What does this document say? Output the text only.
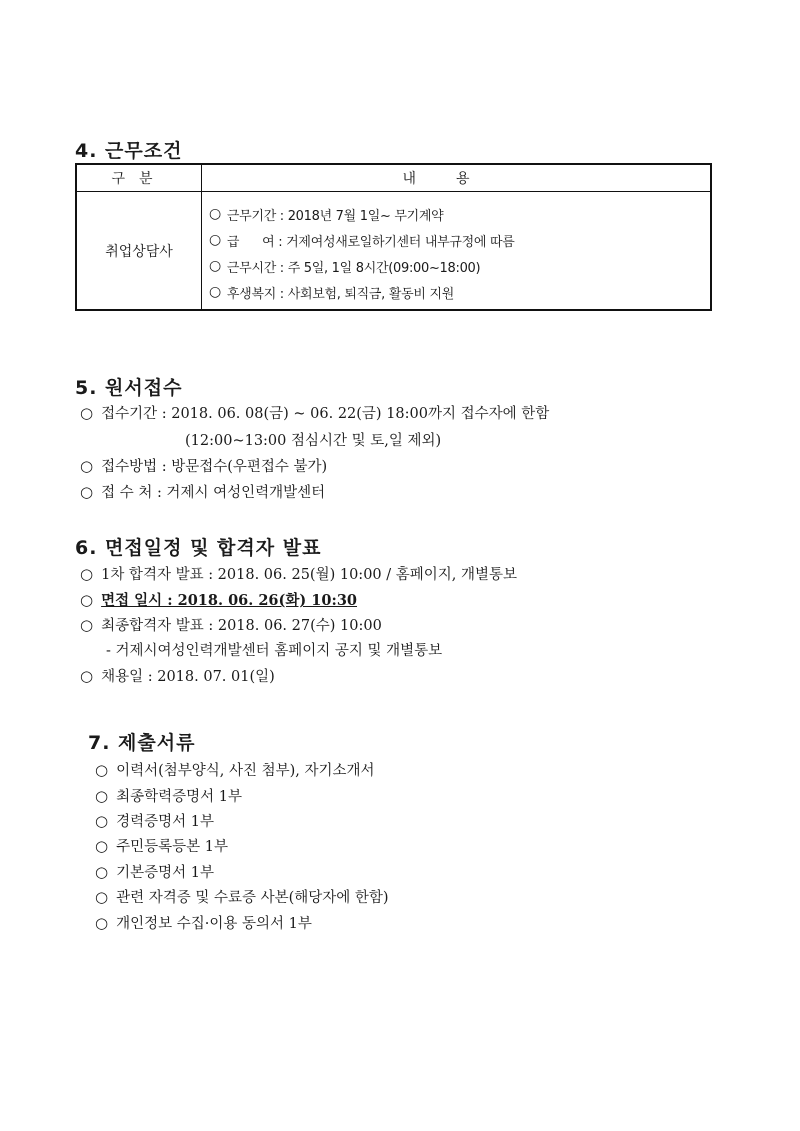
4. 근무조건
구분	내용
취업상담사
○ 근무기간 : 2018년 7월 1일~ 무기계약
○ 급      여 : 거제여성새로일하기센터 내부규정에 따름
○ 근무시간 : 주 5일, 1일 8시간(09:00~18:00)
○ 후생복지 : 사회보험, 퇴직금, 활동비 지원
5. 원서접수
○ 접수기간 : 2018. 06. 08(금) ~ 06. 22(금) 18:00까지 접수자에 한함
(12:00~13:00 점심시간 및 토,일 제외)
○ 접수방법 : 방문접수(우편접수 불가)
○ 접 수 처 : 거제시 여성인력개발센터
6. 면접일정 및 합격자 발표
○ 1차 합격자 발표 : 2018. 06. 25(월) 10:00 / 홈페이지, 개별통보
○ 면접 일시 : 2018. 06. 26(화) 10:30
○ 최종합격자 발표 : 2018. 06. 27(수) 10:00
- 거제시여성인력개발센터 홈페이지 공지 및 개별통보
○ 채용일 : 2018. 07. 01(일)
7. 제출서류
○ 이력서(첨부양식, 사진 첨부), 자기소개서
○ 최종학력증명서 1부
○ 경력증명서 1부
○ 주민등록등본 1부
○ 기본증명서 1부
○ 관련 자격증 및 수료증 사본(해당자에 한함)
○ 개인정보 수집·이용 동의서 1부
